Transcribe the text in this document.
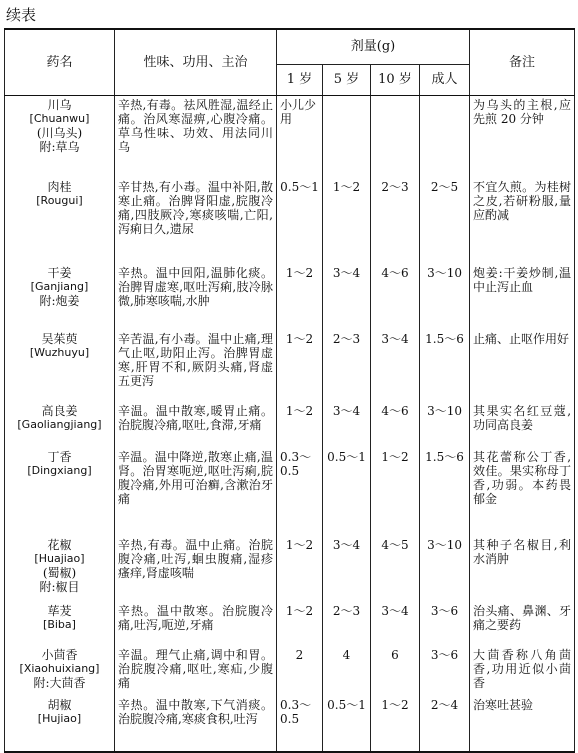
续表
药名	性味、功用、主治	剂量(g)				备注
		1 岁	5 岁	10 岁	成人	

川乌
[Chuanwu]
(川乌头)
附:草乌	辛热,有毒。祛风胜湿,温经止痛。治风寒湿痹,心腹冷痛。草乌性味、功效、用法同川乌	小儿少用				为乌头的主根,应先煎 20 分钟

肉桂
[Rougui]	辛甘热,有小毒。温中补阳,散寒止痛。治脾肾阳虚,脘腹冷痛,四肢厥冷,寒痰咳喘,亡阳,泻痢日久,遗尿	0.5～1	1～2	2～3	2～5	不宜久煎。为桂树之皮,若研粉服,量应酌减

干姜
[Ganjiang]
附:炮姜	辛热。温中回阳,温肺化痰。治脾胃虚寒,呕吐泻痢,肢冷脉微,肺寒咳喘,水肿	1～2	3～4	4～6	3～10	炮姜:干姜炒制,温中止泻止血

吴茱萸
[Wuzhuyu]	辛苦温,有小毒。温中止痛,理气止呕,助阳止泻。治脾胃虚寒,肝胃不和,厥阴头痛,肾虚五更泻	1～2	2～3	3～4	1.5～6	止痛、止呕作用好

高良姜
[Gaoliangjiang]	辛温。温中散寒,暖胃止痛。治脘腹冷痛,呕吐,食滞,牙痛	1～2	3～4	4～6	3～10	其果实名红豆蔻,功同高良姜

丁香
[Dingxiang]	辛温。温中降逆,散寒止痛,温肾。治胃寒呃逆,呕吐泻痢,脘腹冷痛,外用可治癣,含漱治牙痛	0.3～0.5	0.5～1	1～2	1.5～6	其花蕾称公丁香,效佳。果实称母丁香,功弱。本药畏郁金

花椒
[Huajiao]
(蜀椒)
附:椒目	辛热,有毒。温中止痛。治脘腹冷痛,吐泻,蛔虫腹痛,湿疹瘙痒,肾虚咳喘	1～2	3～4	4～5	3～10	其种子名椒目,利水消肿

荜茇
[Biba]	辛热。温中散寒。治脘腹冷痛,吐泻,呃逆,牙痛	1～2	2～3	3～4	3～6	治头痛、鼻渊、牙痛之要药

小茴香
[Xiaohuixiang]
附:大茴香	辛温。理气止痛,调中和胃。治脘腹冷痛,呕吐,寒疝,少腹痛	2	4	6	3～6	大茴香称八角茴香,功用近似小茴香

胡椒
[Hujiao]	辛热。温中散寒,下气消痰。治脘腹冷痛,寒痰食积,吐泻	0.3～0.5	0.5～1	1～2	2～4	治寒吐甚验
